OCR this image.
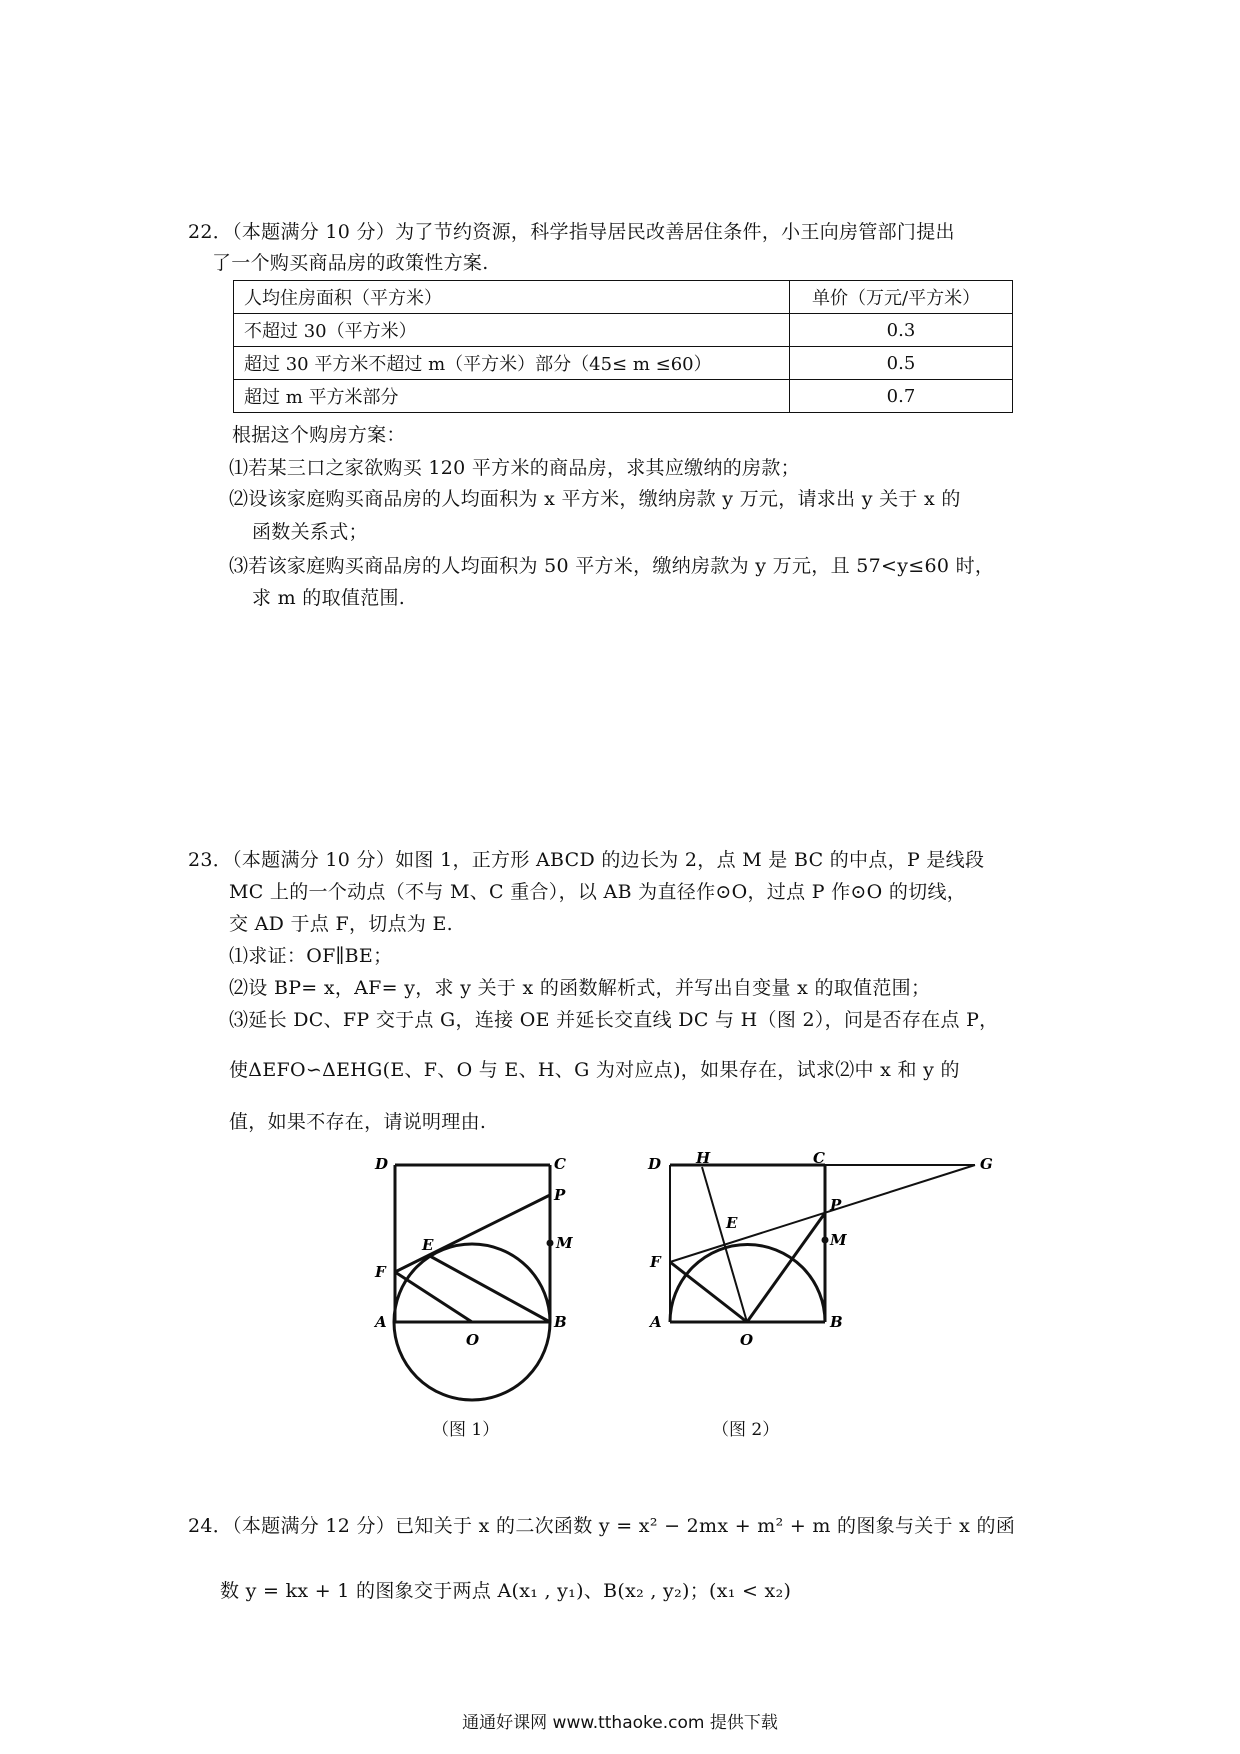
22．（本题满分 10 分）为了节约资源，科学指导居民改善居住条件，小王向房管部门提出
了一个购买商品房的政策性方案.
人均住房面积（平方米）	单价（万元/平方米）
不超过 30（平方米）	0.3
超过 30 平方米不超过 m（平方米）部分（45≤ m ≤60）	0.5
超过 m 平方米部分	0.7
根据这个购房方案：
⑴若某三口之家欲购买 120 平方米的商品房，求其应缴纳的房款；
⑵设该家庭购买商品房的人均面积为 x 平方米，缴纳房款 y 万元，请求出 y 关于 x 的
函数关系式；
⑶若该家庭购买商品房的人均面积为 50 平方米，缴纳房款为 y 万元，且 57<y≤60 时，
求 m 的取值范围.
23．（本题满分 10 分）如图 1，正方形 ABCD 的边长为 2，点 M 是 BC 的中点，P 是线段
MC 上的一个动点（不与 M、C 重合），以 AB 为直径作⊙O，过点 P 作⊙O 的切线，
交 AD 于点 F，切点为 E.
⑴求证：OF∥BE；
⑵设 BP= x，AF= y，求 y 关于 x 的函数解析式，并写出自变量 x 的取值范围；
⑶延长 DC、FP 交于点 G，连接 OE 并延长交直线 DC 与 H（图 2），问是否存在点 P，
使ΔEFO∽ΔEHG(E、F、O 与 E、H、G 为对应点)，如果存在，试求⑵中 x 和 y 的
值，如果不存在，请说明理由.
D	C
P
M
E
F
A
O
B
（图 1）
D H	C	G
P
E
M
F
A
O
B
（图 2）
24．（本题满分 12 分）已知关于 x 的二次函数 y = x² − 2mx + m² + m 的图象与关于 x 的函
数 y = kx + 1 的图象交于两点 A(x₁ , y₁)、B(x₂ , y₂)；(x₁ < x₂)
通通好课网 www.tthaoke.com 提供下载
